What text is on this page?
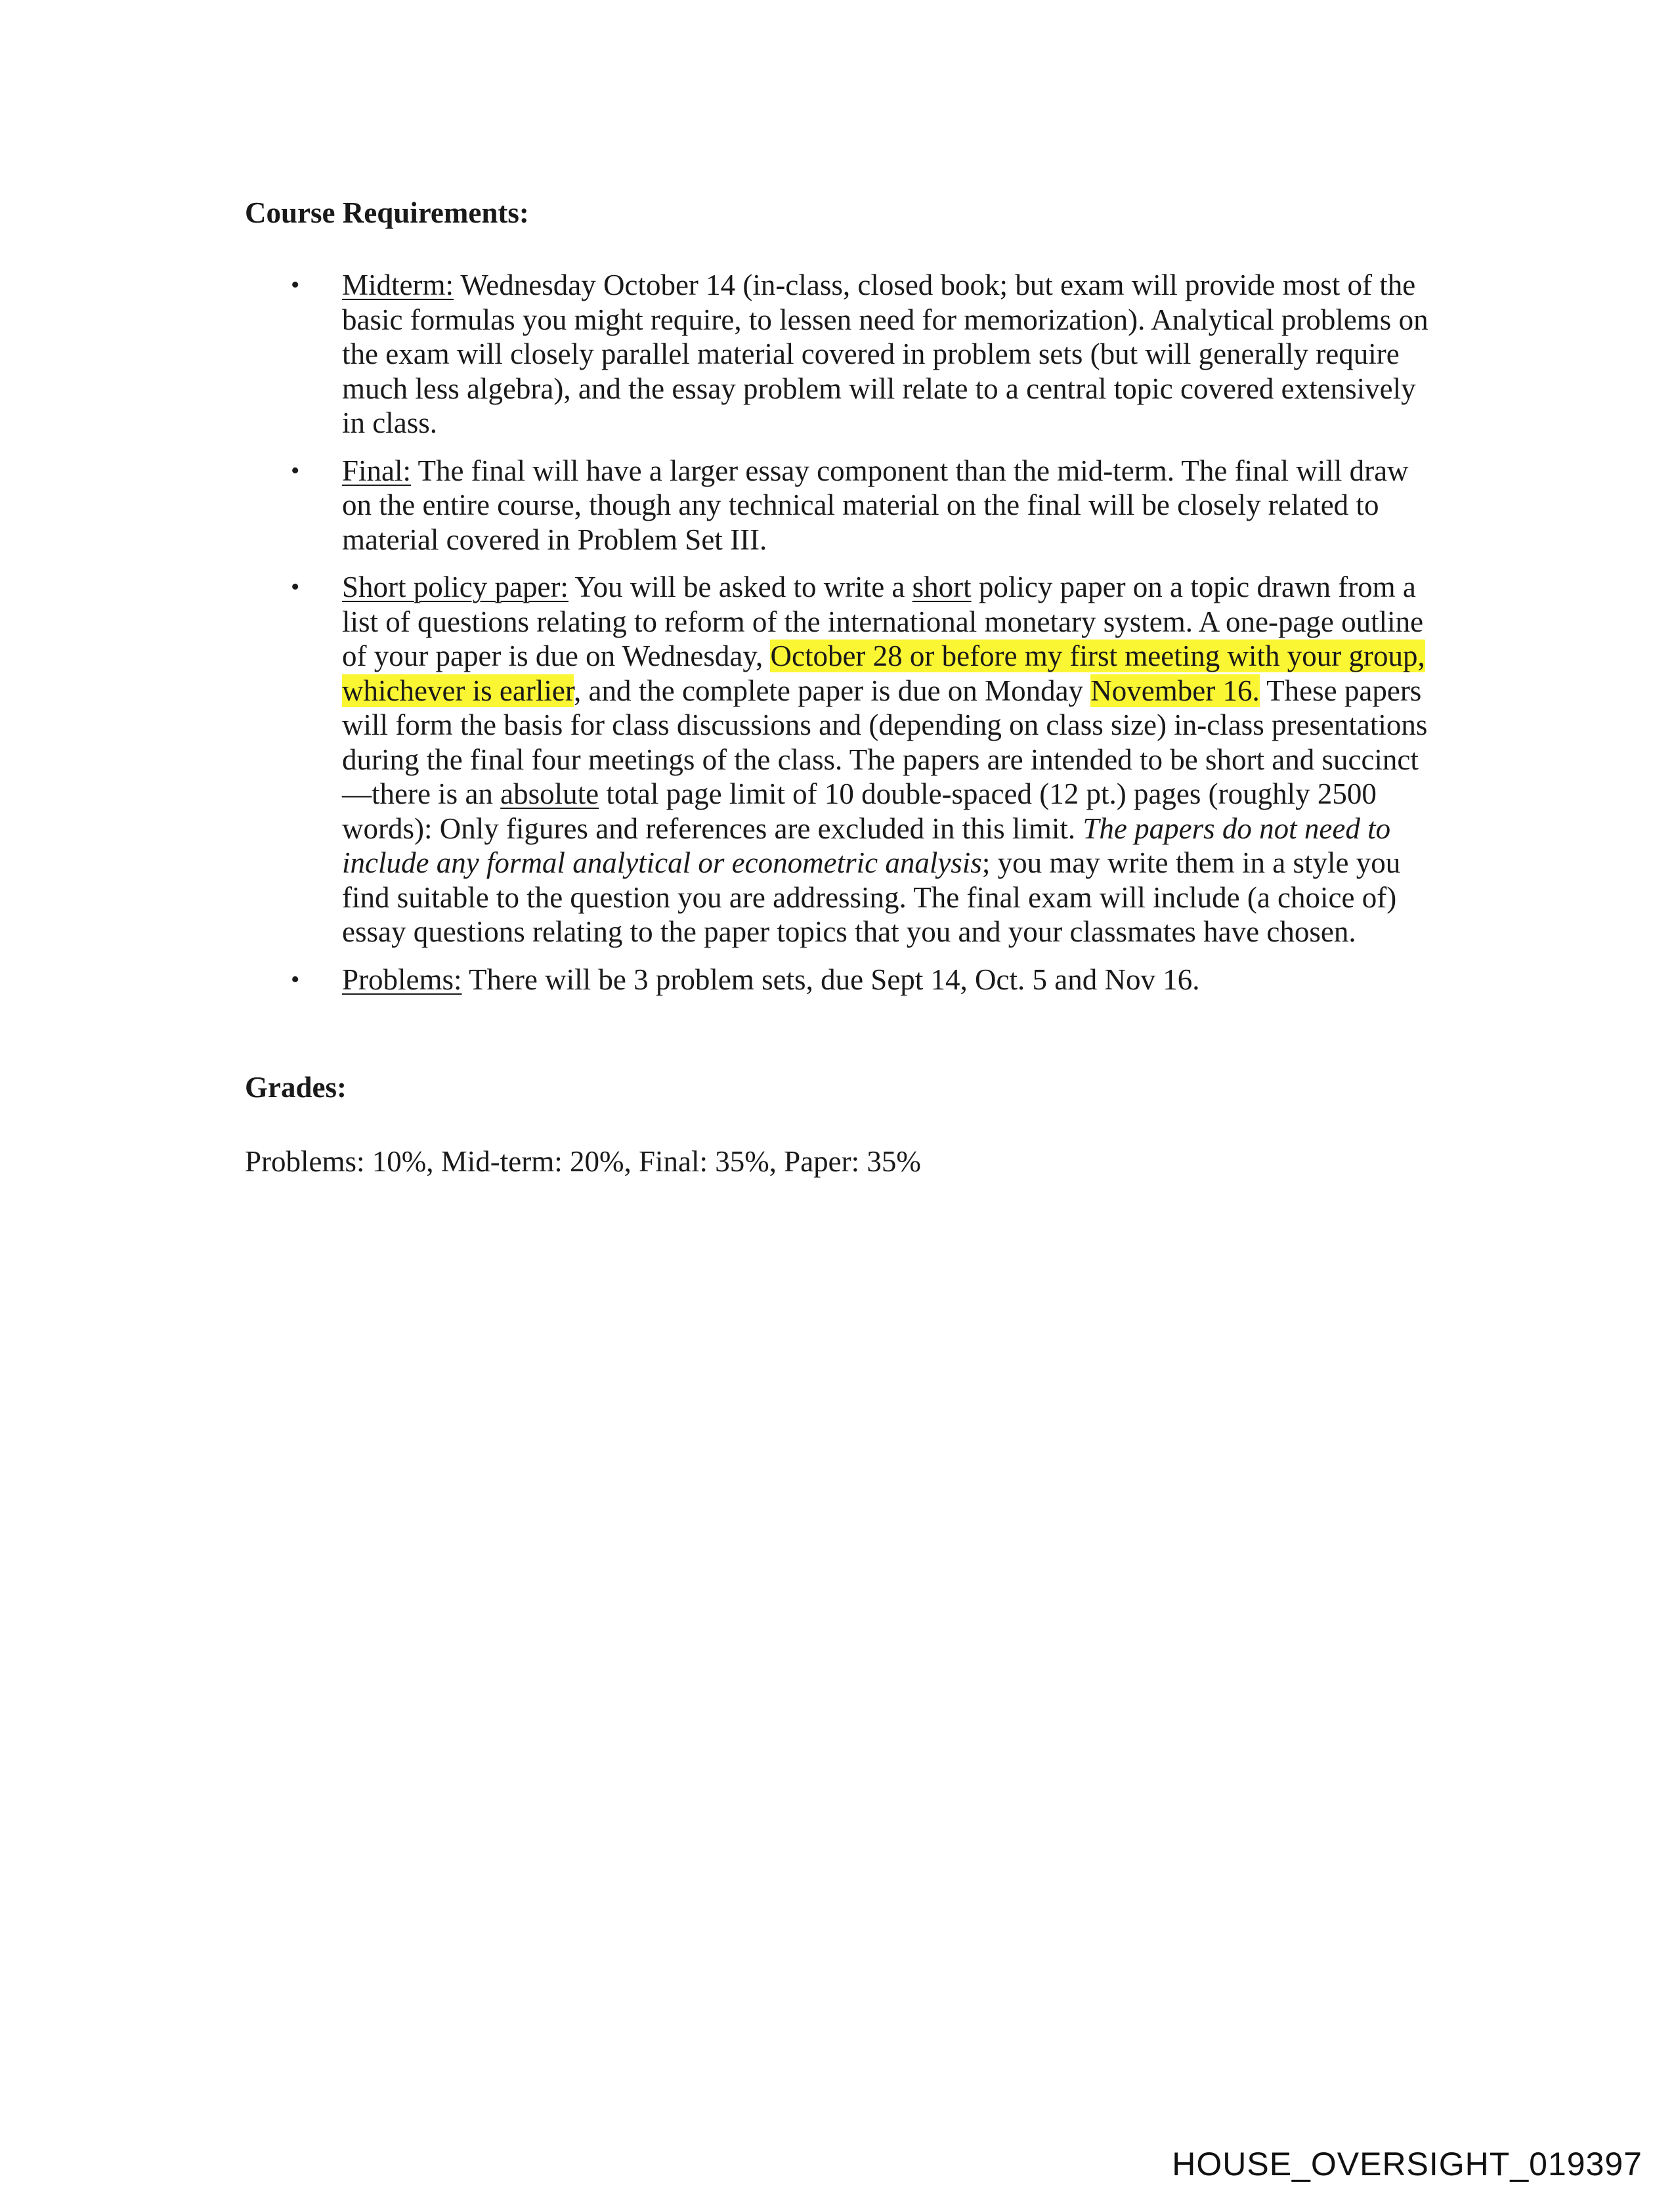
Course Requirements:

• Midterm: Wednesday October 14 (in-class, closed book; but exam will provide most of the basic formulas you might require, to lessen need for memorization). Analytical problems on the exam will closely parallel material covered in problem sets (but will generally require much less algebra), and the essay problem will relate to a central topic covered extensively in class.
• Final: The final will have a larger essay component than the mid-term. The final will draw on the entire course, though any technical material on the final will be closely related to material covered in Problem Set III.
• Short policy paper: You will be asked to write a short policy paper on a topic drawn from a list of questions relating to reform of the international monetary system. A one-page outline of your paper is due on Wednesday, October 28 or before my first meeting with your group, whichever is earlier, and the complete paper is due on Monday November 16. These papers will form the basis for class discussions and (depending on class size) in-class presentations during the final four meetings of the class. The papers are intended to be short and succinct—there is an absolute total page limit of 10 double-spaced (12 pt.) pages (roughly 2500 words): Only figures and references are excluded in this limit. The papers do not need to include any formal analytical or econometric analysis; you may write them in a style you find suitable to the question you are addressing. The final exam will include (a choice of) essay questions relating to the paper topics that you and your classmates have chosen.
• Problems: There will be 3 problem sets, due Sept 14, Oct. 5 and Nov 16.

Grades:

Problems: 10%, Mid-term: 20%, Final: 35%, Paper: 35%

HOUSE_OVERSIGHT_019397
